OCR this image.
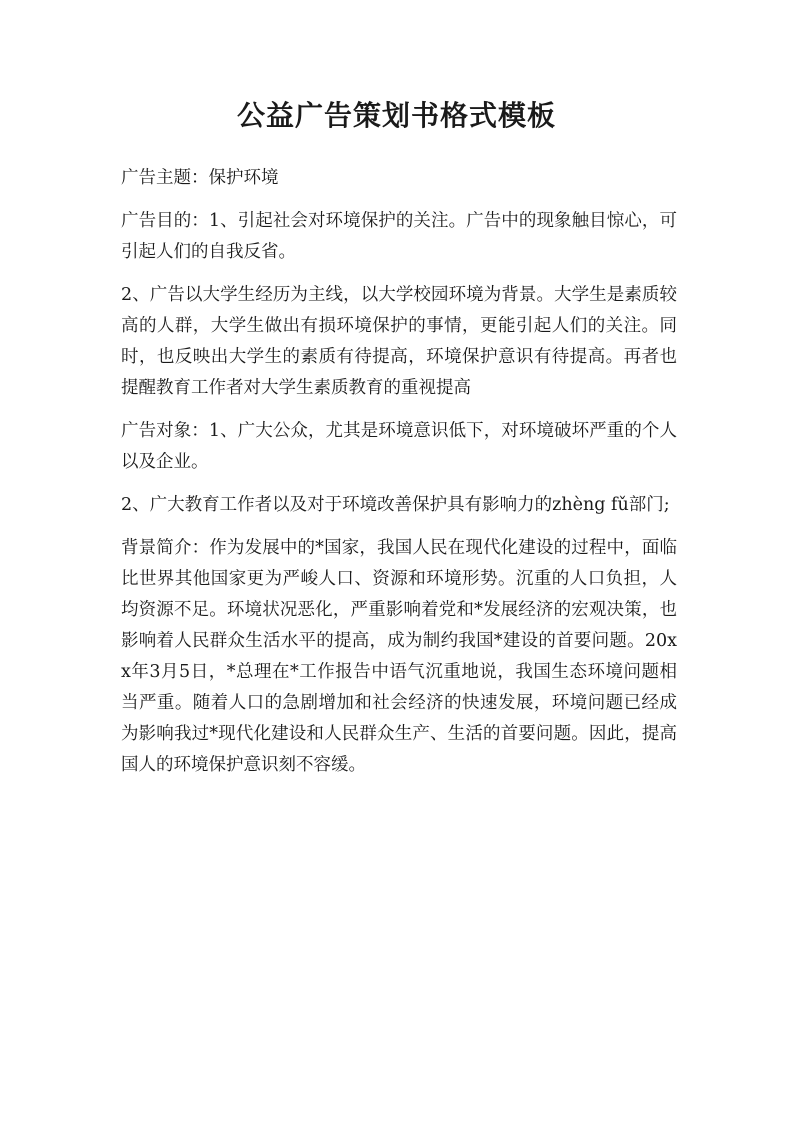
公益广告策划书格式模板

广告主题：保护环境

广告目的：1、引起社会对环境保护的关注。广告中的现象触目惊心，可引起人们的自我反省。

2、广告以大学生经历为主线，以大学校园环境为背景。大学生是素质较高的人群，大学生做出有损环境保护的事情，更能引起人们的关注。同时，也反映出大学生的素质有待提高，环境保护意识有待提高。再者也提醒教育工作者对大学生素质教育的重视提高

广告对象：1、广大公众，尤其是环境意识低下，对环境破坏严重的个人以及企业。

2、广大教育工作者以及对于环境改善保护具有影响力的zhèng fǔ部门;

背景简介：作为发展中的*国家，我国人民在现代化建设的过程中，面临比世界其他国家更为严峻人口、资源和环境形势。沉重的人口负担，人均资源不足。环境状况恶化，严重影响着党和*发展经济的宏观决策，也影响着人民群众生活水平的提高，成为制约我国*建设的首要问题。20xx年3月5日，*总理在*工作报告中语气沉重地说，我国生态环境问题相当严重。随着人口的急剧增加和社会经济的快速发展，环境问题已经成为影响我过*现代化建设和人民群众生产、生活的首要问题。因此，提高国人的环境保护意识刻不容缓。
